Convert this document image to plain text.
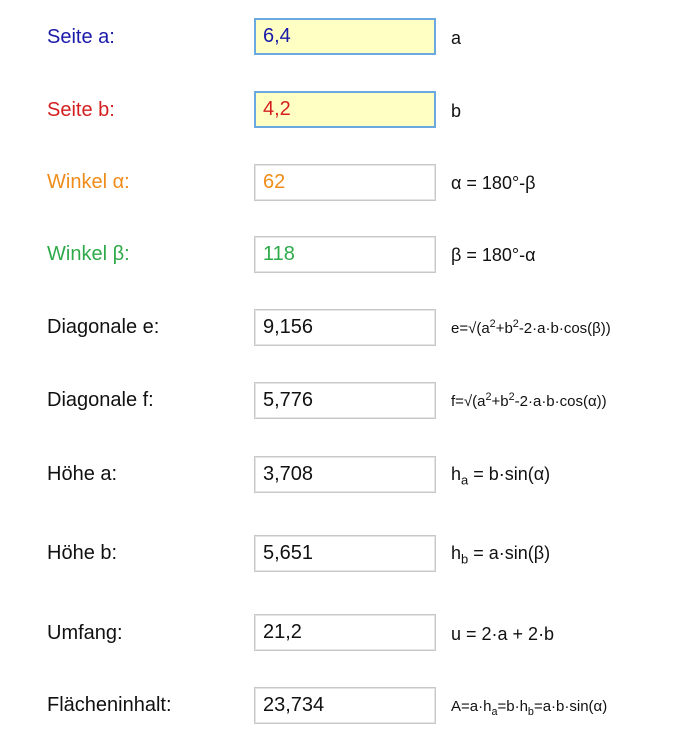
Seite a:	6,4	a
Seite b:	4,2	b
Winkel α:	62	α = 180°-β
Winkel β:	118	β = 180°-α
Diagonale e:	9,156	$e=√(a^2+b^2-2\cdot a\cdot b\cdot\cos(\beta))$
Diagonale f:	5,776	$f=√(a^2+b^2-2\cdot a\cdot b\cdot\cos(\alpha))$
Höhe a:	3,708	$h_a = b\cdot\sin(\alpha)$
Höhe b:	5,651	$h_b = a\cdot\sin(\beta)$
Umfang:	21,2	u = 2·a + 2·b
Flächeninhalt:	23,734	$A=a\cdot h_a=b\cdot h_b=a\cdot b\cdot\sin(\alpha)$
